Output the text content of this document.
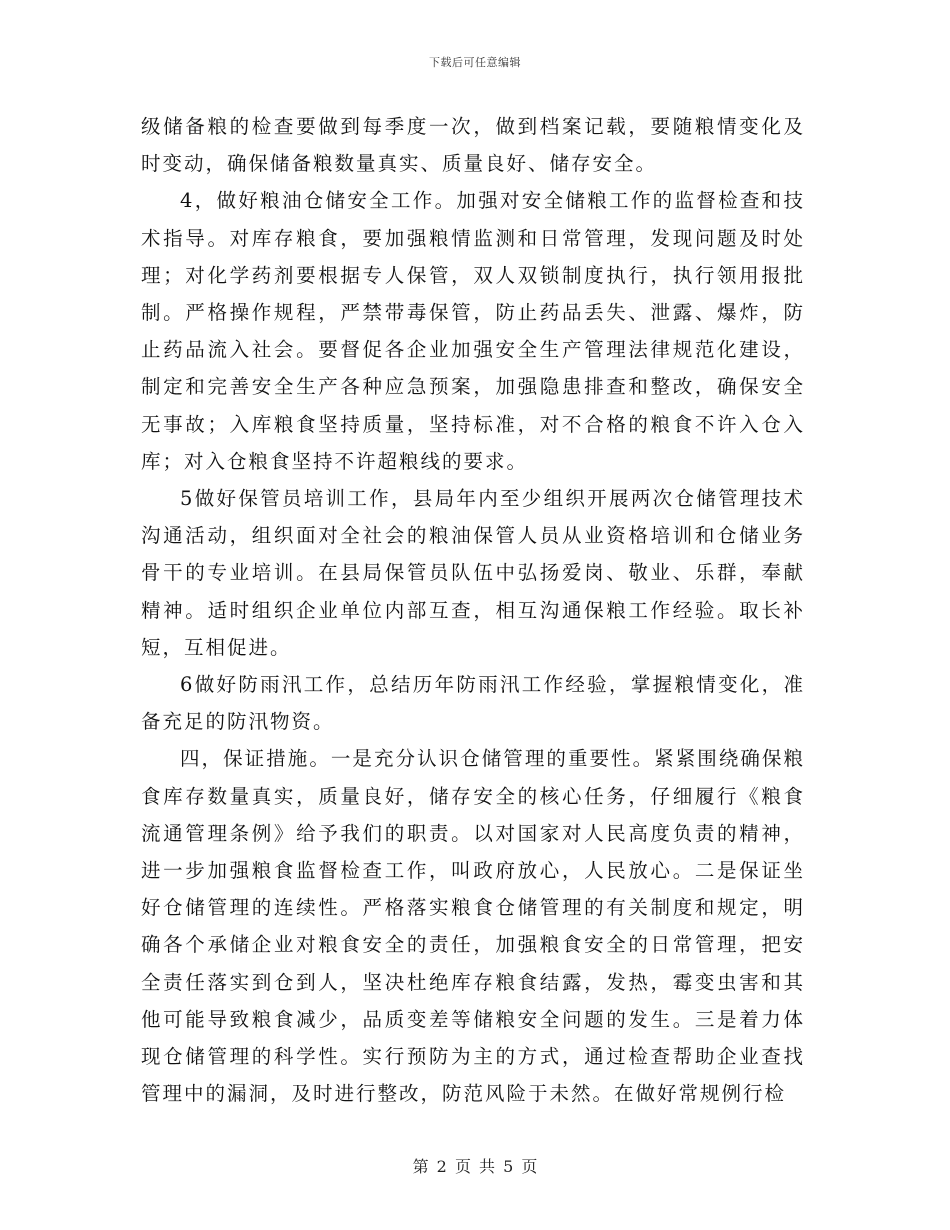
下载后可任意编辑

级储备粮的检查要做到每季度一次，做到档案记载，要随粮情变化及时变动，确保储备粮数量真实、质量良好、储存安全。

4，做好粮油仓储安全工作。加强对安全储粮工作的监督检查和技术指导。对库存粮食，要加强粮情监测和日常管理，发现问题及时处理；对化学药剂要根据专人保管，双人双锁制度执行，执行领用报批制。严格操作规程，严禁带毒保管，防止药品丢失、泄露、爆炸，防止药品流入社会。要督促各企业加强安全生产管理法律规范化建设，制定和完善安全生产各种应急预案，加强隐患排查和整改，确保安全无事故；入库粮食坚持质量，坚持标准，对不合格的粮食不许入仓入库；对入仓粮食坚持不许超粮线的要求。

5做好保管员培训工作，县局年内至少组织开展两次仓储管理技术沟通活动，组织面对全社会的粮油保管人员从业资格培训和仓储业务骨干的专业培训。在县局保管员队伍中弘扬爱岗、敬业、乐群，奉献精神。适时组织企业单位内部互查，相互沟通保粮工作经验。取长补短，互相促进。

6做好防雨汛工作，总结历年防雨汛工作经验，掌握粮情变化，准备充足的防汛物资。

四，保证措施。一是充分认识仓储管理的重要性。紧紧围绕确保粮食库存数量真实，质量良好，储存安全的核心任务，仔细履行《粮食流通管理条例》给予我们的职责。以对国家对人民高度负责的精神，进一步加强粮食监督检查工作，叫政府放心，人民放心。二是保证坐好仓储管理的连续性。严格落实粮食仓储管理的有关制度和规定，明确各个承储企业对粮食安全的责任，加强粮食安全的日常管理，把安全责任落实到仓到人，坚决杜绝库存粮食结露，发热，霉变虫害和其他可能导致粮食减少，品质变差等储粮安全问题的发生。三是着力体现仓储管理的科学性。实行预防为主的方式，通过检查帮助企业查找管理中的漏洞，及时进行整改，防范风险于未然。在做好常规例行检

第 2 页 共 5 页
